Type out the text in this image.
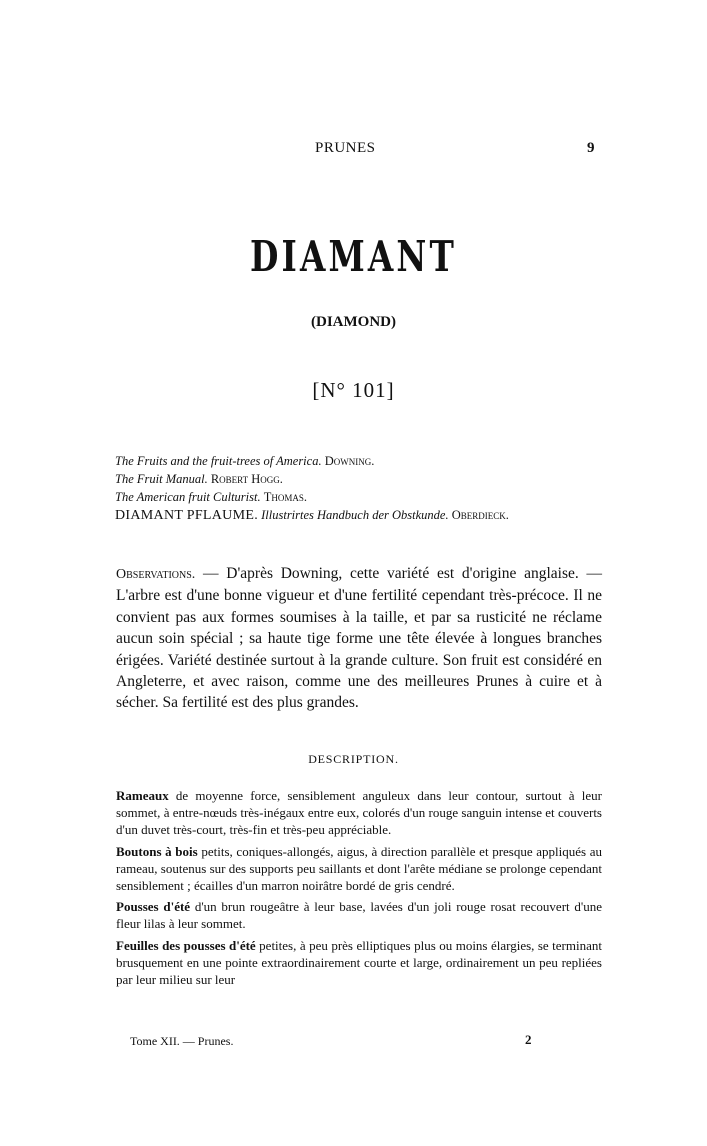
PRUNES	9
DIAMANT
(DIAMOND)
[N° 101]
The Fruits and the fruit-trees of America. Downing.
The Fruit Manual. Robert Hogg.
The American fruit Culturist. Thomas.
DIAMANT PFLAUME. Illustrirtes Handbuch der Obstkunde. Oberdieck.
Observations. — D'après Downing, cette variété est d'origine anglaise. — L'arbre est d'une bonne vigueur et d'une fertilité cependant très-précoce. Il ne convient pas aux formes soumises à la taille, et par sa rusticité ne réclame aucun soin spécial ; sa haute tige forme une tête élevée à longues branches érigées. Variété destinée surtout à la grande culture. Son fruit est considéré en Angleterre, et avec raison, comme une des meilleures Prunes à cuire et à sécher. Sa fertilité est des plus grandes.
DESCRIPTION.

Rameaux de moyenne force, sensiblement anguleux dans leur contour, surtout à leur sommet, à entre-nœuds très-inégaux entre eux, colorés d'un rouge sanguin intense et couverts d'un duvet très-court, très-fin et très-peu appréciable.

Boutons à bois petits, coniques-allongés, aigus, à direction parallèle et presque appliqués au rameau, soutenus sur des supports peu saillants et dont l'arête médiane se prolonge cependant sensiblement ; écailles d'un marron noirâtre bordé de gris cendré.

Pousses d'été d'un brun rougeâtre à leur base, lavées d'un joli rouge rosat recouvert d'une fleur lilas à leur sommet.

Feuilles des pousses d'été petites, à peu près elliptiques plus ou moins élargies, se terminant brusquement en une pointe extraordinairement courte et large, ordinairement un peu repliées par leur milieu sur leur

Tome XII. — Prunes.	2
